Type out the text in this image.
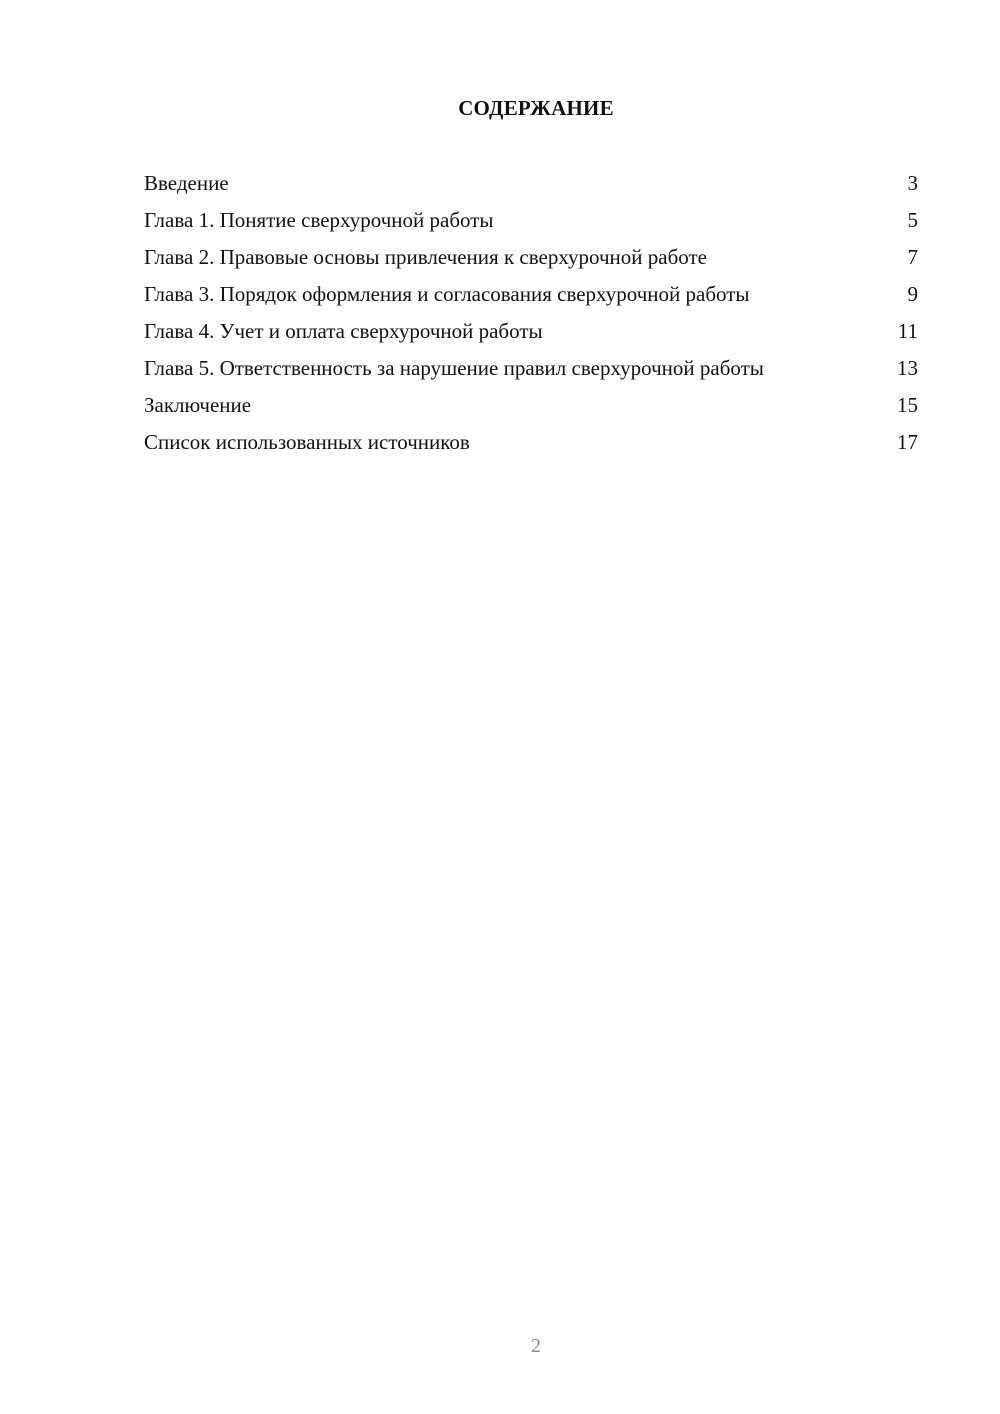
СОДЕРЖАНИЕ
Введение	3
Глава 1. Понятие сверхурочной работы	5
Глава 2. Правовые основы привлечения к сверхурочной работе	7
Глава 3. Порядок оформления и согласования сверхурочной работы	9
Глава 4. Учет и оплата сверхурочной работы	11
Глава 5. Ответственность за нарушение правил сверхурочной работы	13
Заключение	15
Список использованных источников	17
2
